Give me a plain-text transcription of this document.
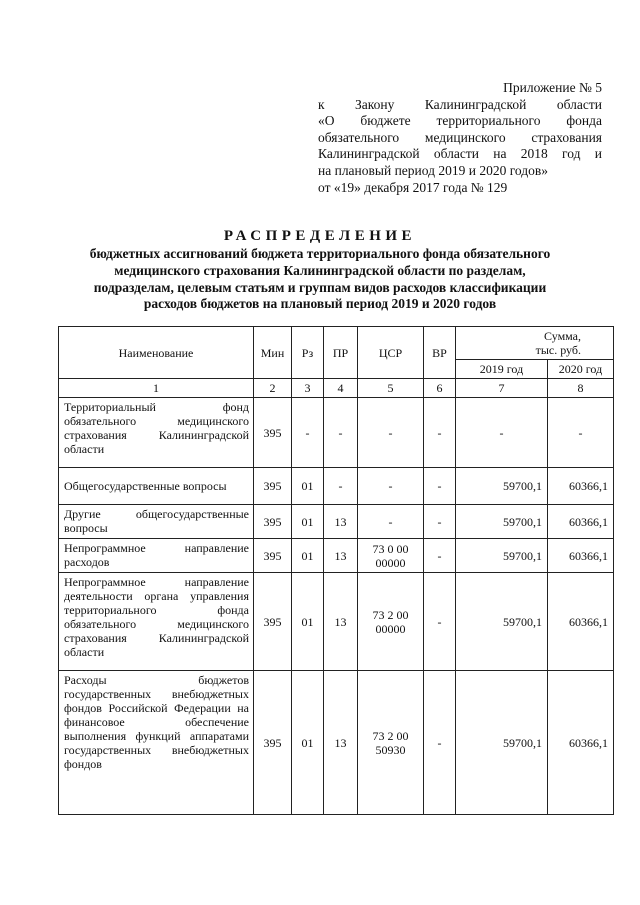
Приложение № 5
к Закону Калининградской области
«О бюджете территориального фонда
обязательного медицинского страхования
Калининградской области на 2018 год и
на плановый период 2019 и 2020 годов»
от «19» декабря 2017 года № 129
РАСПРЕДЕЛЕНИЕ
бюджетных ассигнований бюджета территориального фонда обязательного
медицинского страхования Калининградской области по разделам,
подразделам, целевым статьям и группам видов расходов классификации
расходов бюджетов на плановый период 2019 и 2020 годов
Наименование	Мин	Рз	ПР	ЦСР	ВР	Сумма,
тыс. руб.	

						2019 год	2020 год
1	2	3	4	5	6	7	8
Территориальный фонд обязательного медицинского страхования Калининградской области	395	-	-	-	-	-	-
Общегосударственные вопросы	395	01	-	-	-	59700,1	60366,1
Другие общегосударственные вопросы	395	01	13	-	-	59700,1	60366,1
Непрограммное направление расходов	395	01	13	73 0 00 00000	-	59700,1	60366,1
Непрограммное направление деятельности органа управления территориального фонда обязательного медицинского страхования Калининградской области	395	01	13	73 2 00 00000	-	59700,1	60366,1
Расходы бюджетов государственных внебюджетных фондов Российской Федерации на финансовое обеспечение выполнения функций аппаратами государственных внебюджетных фондов	395	01	13	73 2 00 50930	-	59700,1	60366,1
